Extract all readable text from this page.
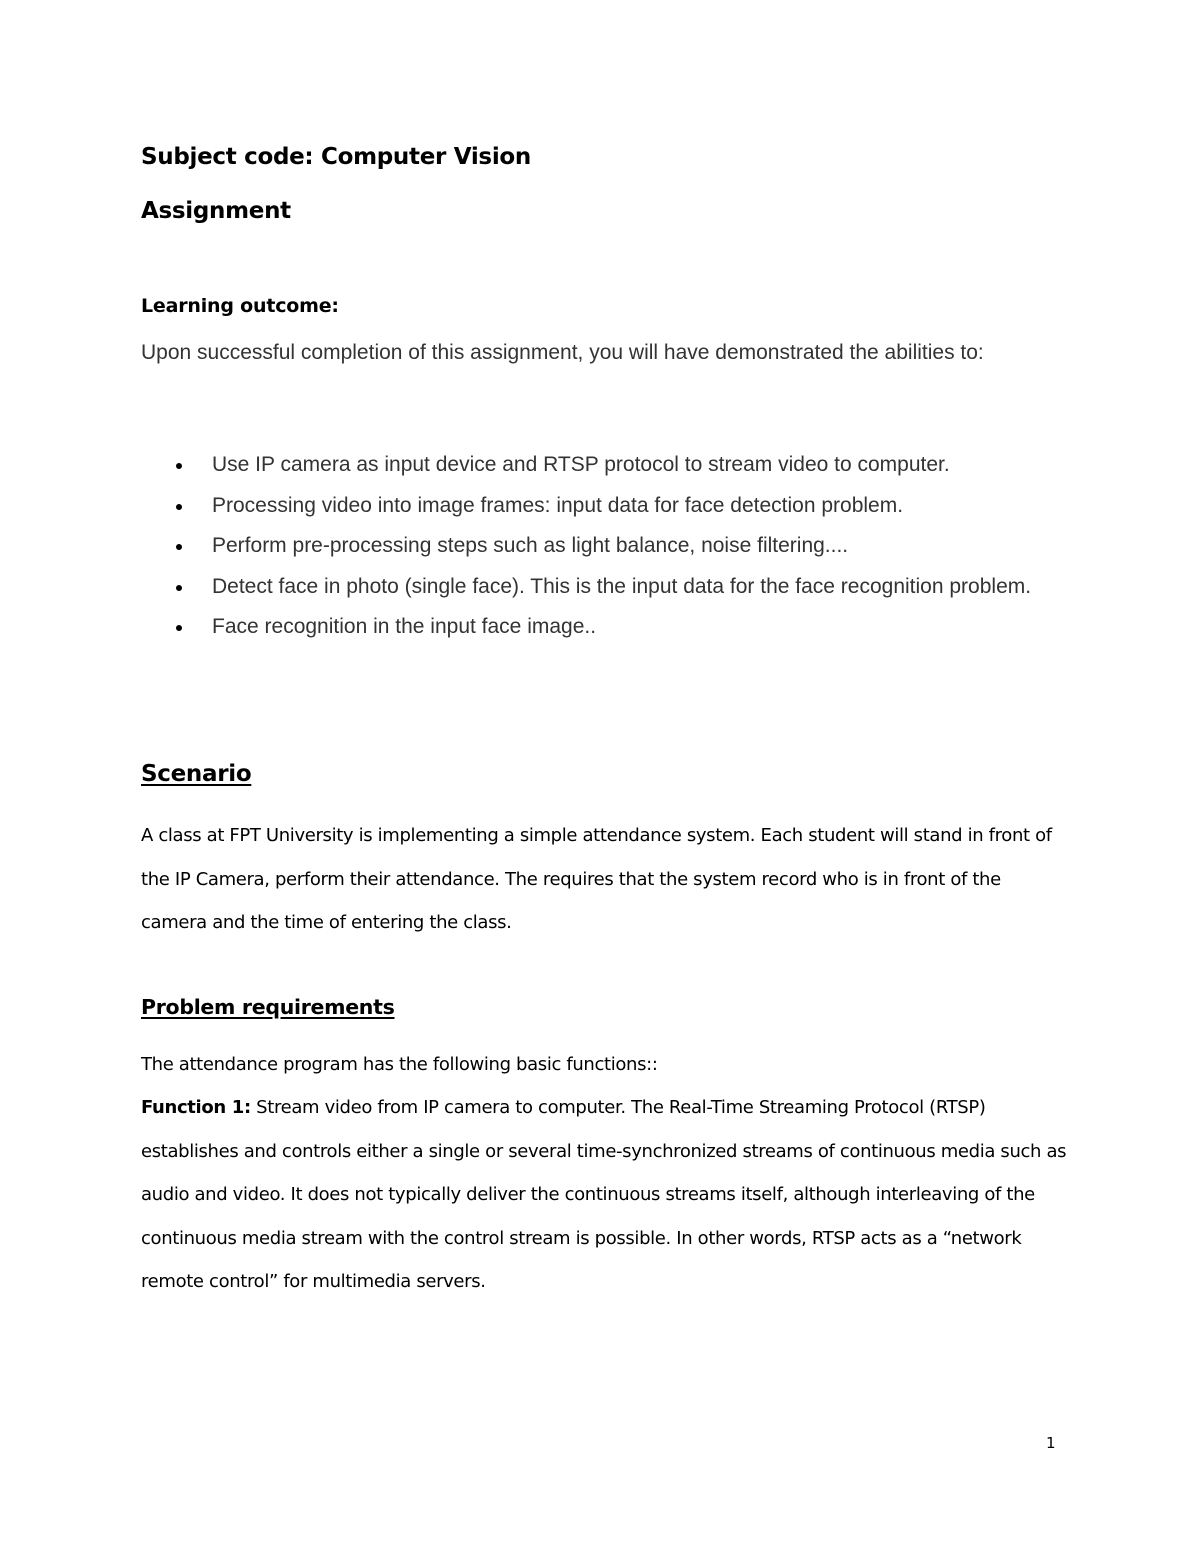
Subject code: Computer Vision
Assignment
Learning outcome:

Upon successful completion of this assignment, you will have demonstrated the abilities to:

Use IP camera as input device and RTSP protocol to stream video to computer.
Processing video into image frames: input data for face detection problem.
Perform pre-processing steps such as light balance, noise filtering....
Detect face in photo (single face). This is the input data for the face recognition problem.
Face recognition in the input face image..
Scenario

A class at FPT University is implementing a simple attendance system. Each student will stand in front of the IP Camera, perform their attendance. The requires that the system record who is in front of the camera and the time of entering the class.

Problem requirements

The attendance program has the following basic functions::

Function 1: Stream video from IP camera to computer. The Real-Time Streaming Protocol (RTSP) establishes and controls either a single or several time-synchronized streams of continuous media such as audio and video. It does not typically deliver the continuous streams itself, although interleaving of the continuous media stream with the control stream is possible. In other words, RTSP acts as a “network remote control” for multimedia servers.

1
